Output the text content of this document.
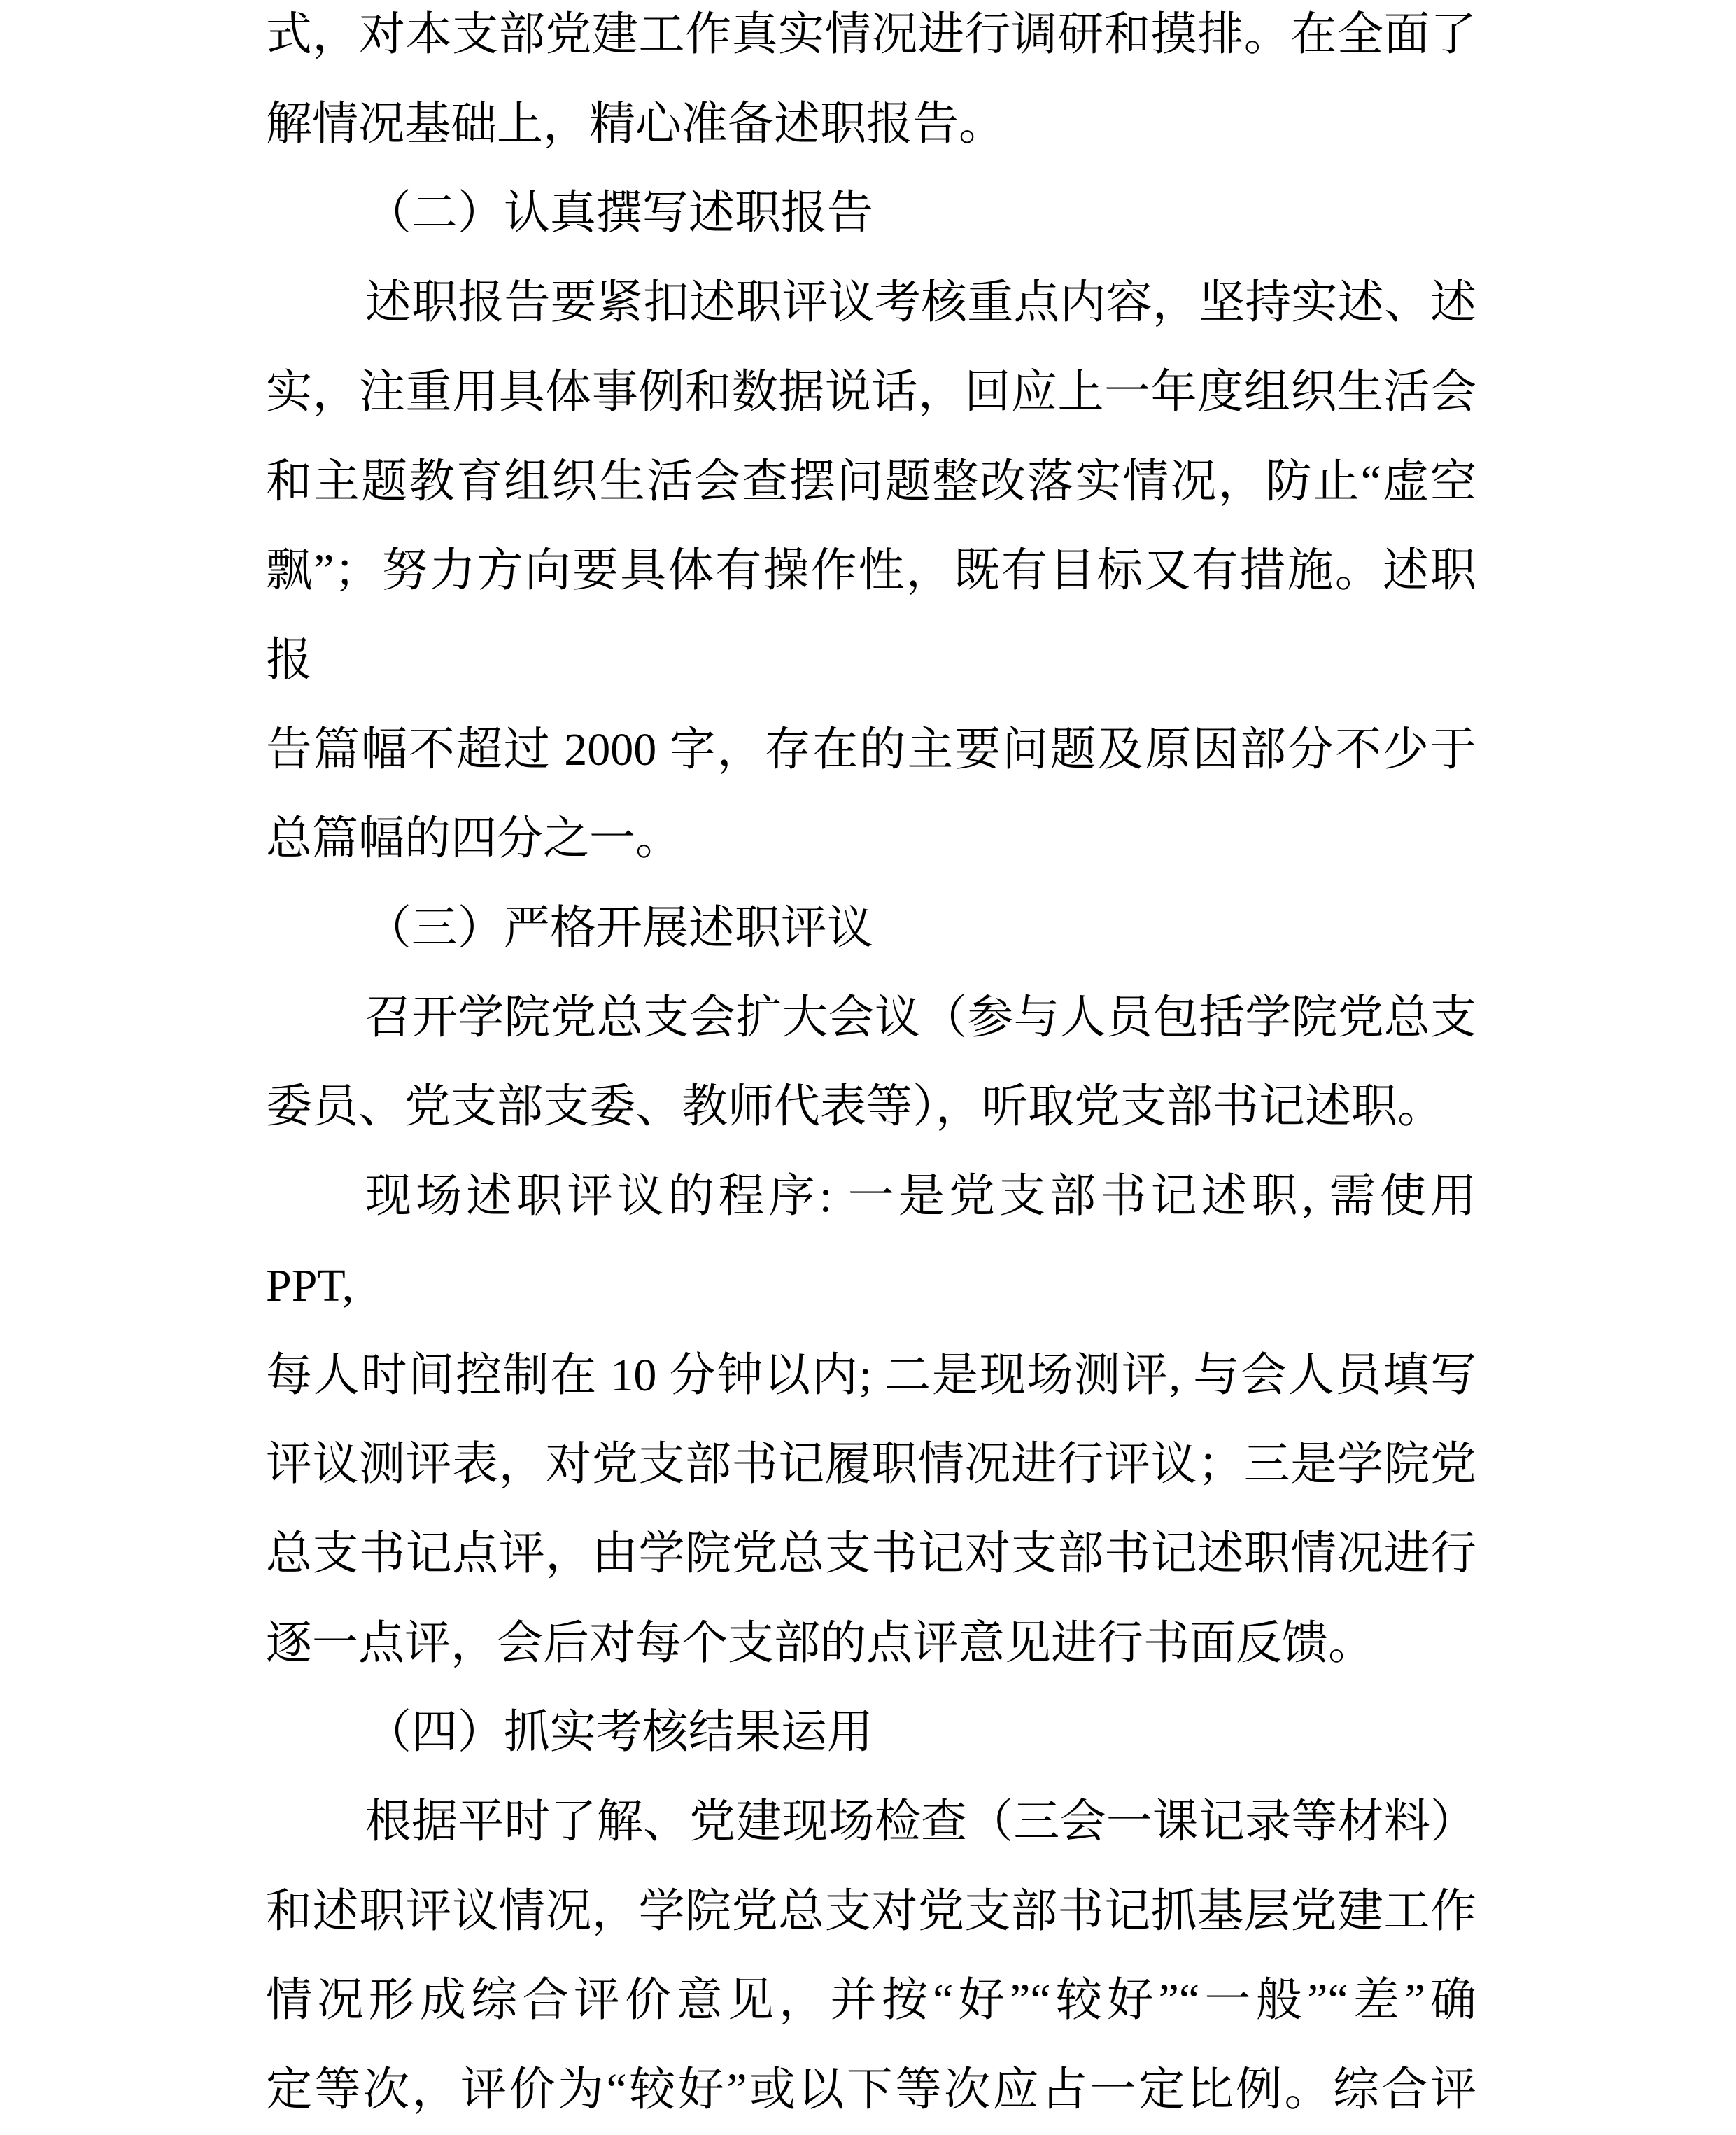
式，对本支部党建工作真实情况进行调研和摸排。在全面了
解情况基础上，精心准备述职报告。
（二）认真撰写述职报告
述职报告要紧扣述职评议考核重点内容，坚持实述、述
实，注重用具体事例和数据说话，回应上一年度组织生活会
和主题教育组织生活会查摆问题整改落实情况，防止“虚空
飘”；努力方向要具体有操作性，既有目标又有措施。述职报
告篇幅不超过 2000 字，存在的主要问题及原因部分不少于
总篇幅的四分之一。
（三）严格开展述职评议
召开学院党总支会扩大会议（参与人员包括学院党总支
委员、党支部支委、教师代表等），听取党支部书记述职。
现场述职评议的程序: 一是党支部书记述职, 需使用 PPT,
每人时间控制在 10 分钟以内; 二是现场测评, 与会人员填写
评议测评表，对党支部书记履职情况进行评议；三是学院党
总支书记点评，由学院党总支书记对支部书记述职情况进行
逐一点评，会后对每个支部的点评意见进行书面反馈。
（四）抓实考核结果运用
根据平时了解、党建现场检查（三会一课记录等材料）
和述职评议情况，学院党总支对党支部书记抓基层党建工作
情况形成综合评价意见，并按“好”“较好”“一般”“差”确
定等次，评价为“较好”或以下等次应占一定比例。综合评
